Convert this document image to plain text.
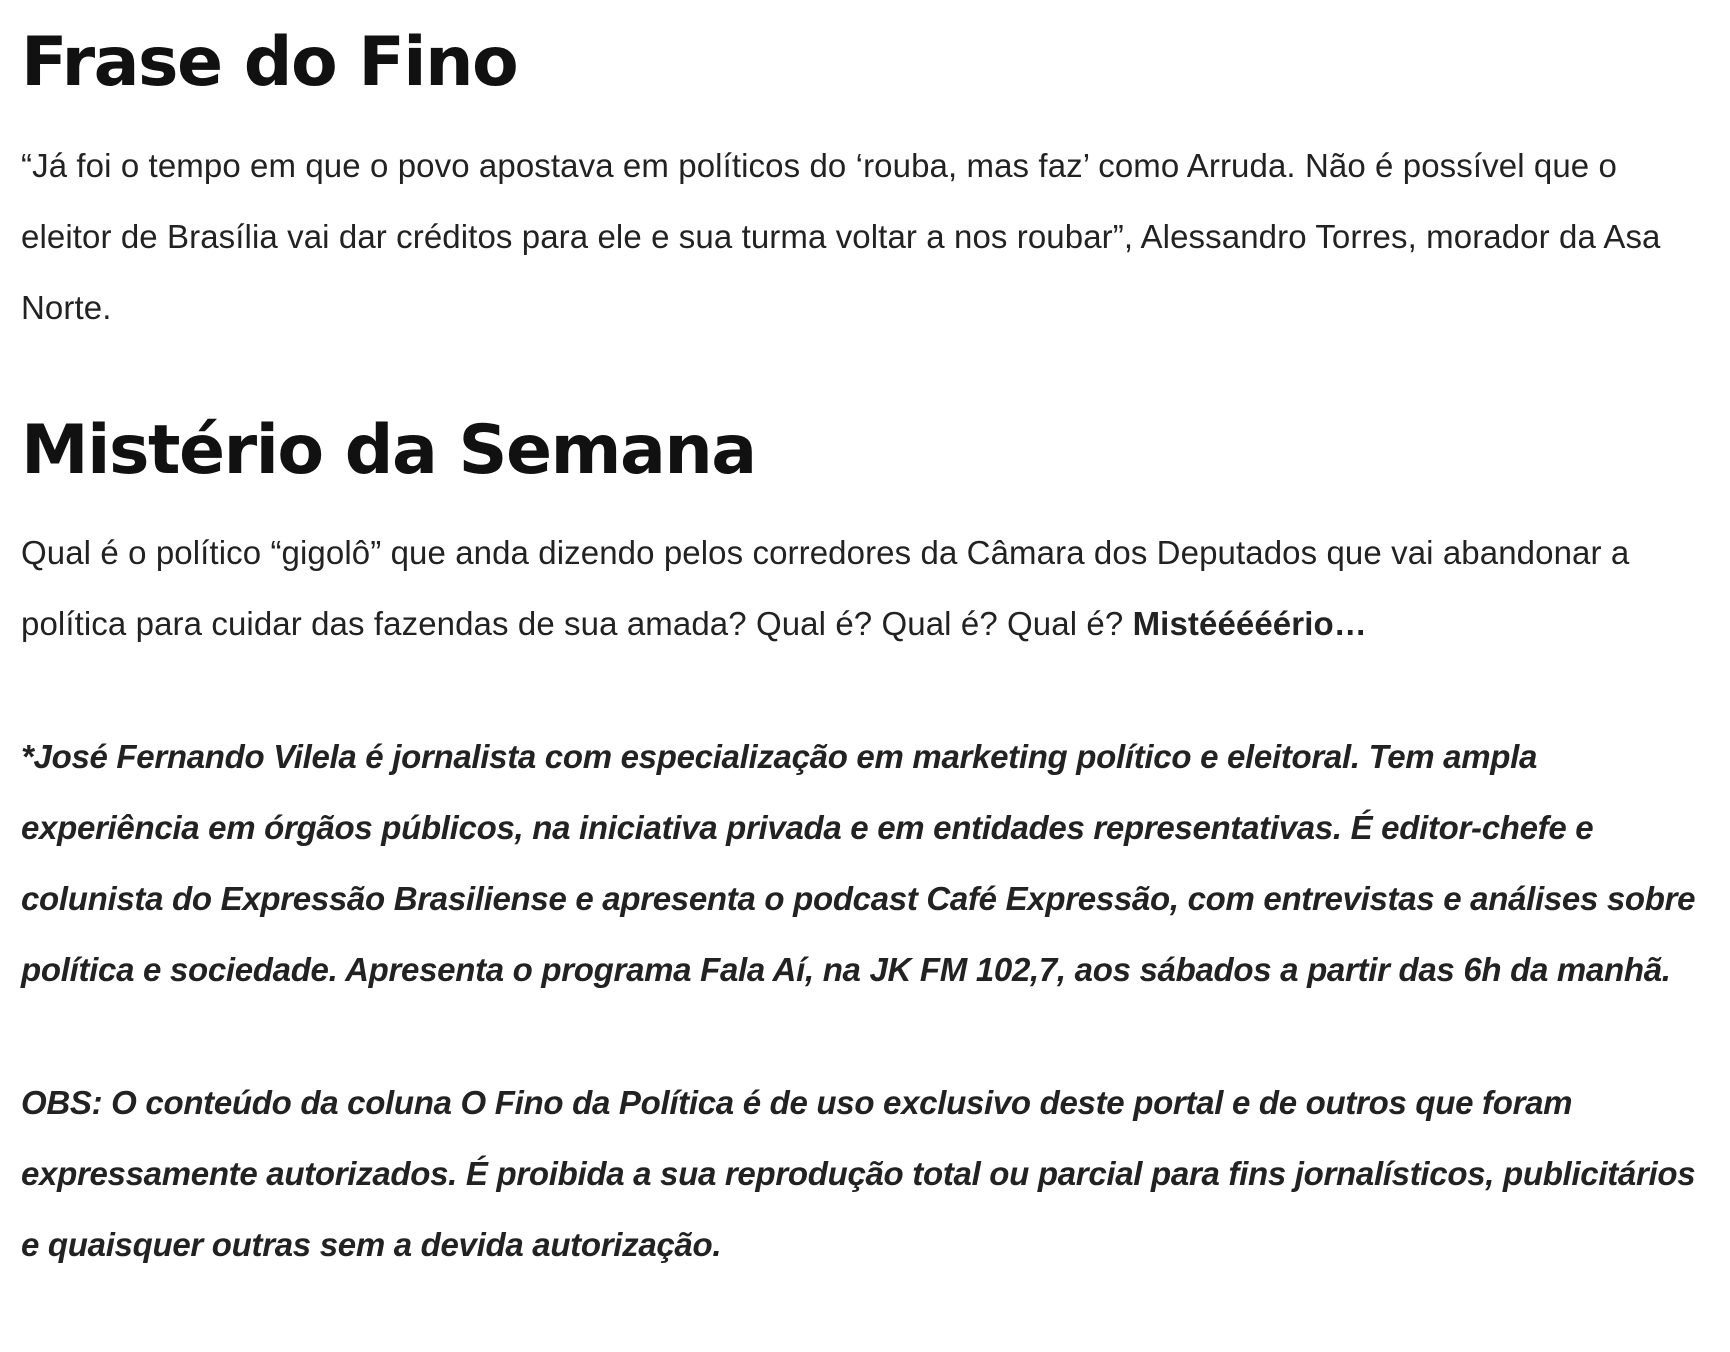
Frase do Fino

“Já foi o tempo em que o povo apostava em políticos do ‘rouba, mas faz’ como Arruda. Não é possível que o eleitor de Brasília vai dar créditos para ele e sua turma voltar a nos roubar”, Alessandro Torres, morador da Asa Norte.

Mistério da Semana

Qual é o político “gigolô” que anda dizendo pelos corredores da Câmara dos Deputados que vai abandonar a política para cuidar das fazendas de sua amada? Qual é? Qual é? Qual é? Mistééééério…

*José Fernando Vilela é jornalista com especialização em marketing político e eleitoral. Tem ampla experiência em órgãos públicos, na iniciativa privada e em entidades representativas. É editor-chefe e colunista do Expressão Brasiliense e apresenta o podcast Café Expressão, com entrevistas e análises sobre política e sociedade. Apresenta o programa Fala Aí, na JK FM 102,7, aos sábados a partir das 6h da manhã.

OBS: O conteúdo da coluna O Fino da Política é de uso exclusivo deste portal e de outros que foram expressamente autorizados. É proibida a sua reprodução total ou parcial para fins jornalísticos, publicitários e quaisquer outras sem a devida autorização.
